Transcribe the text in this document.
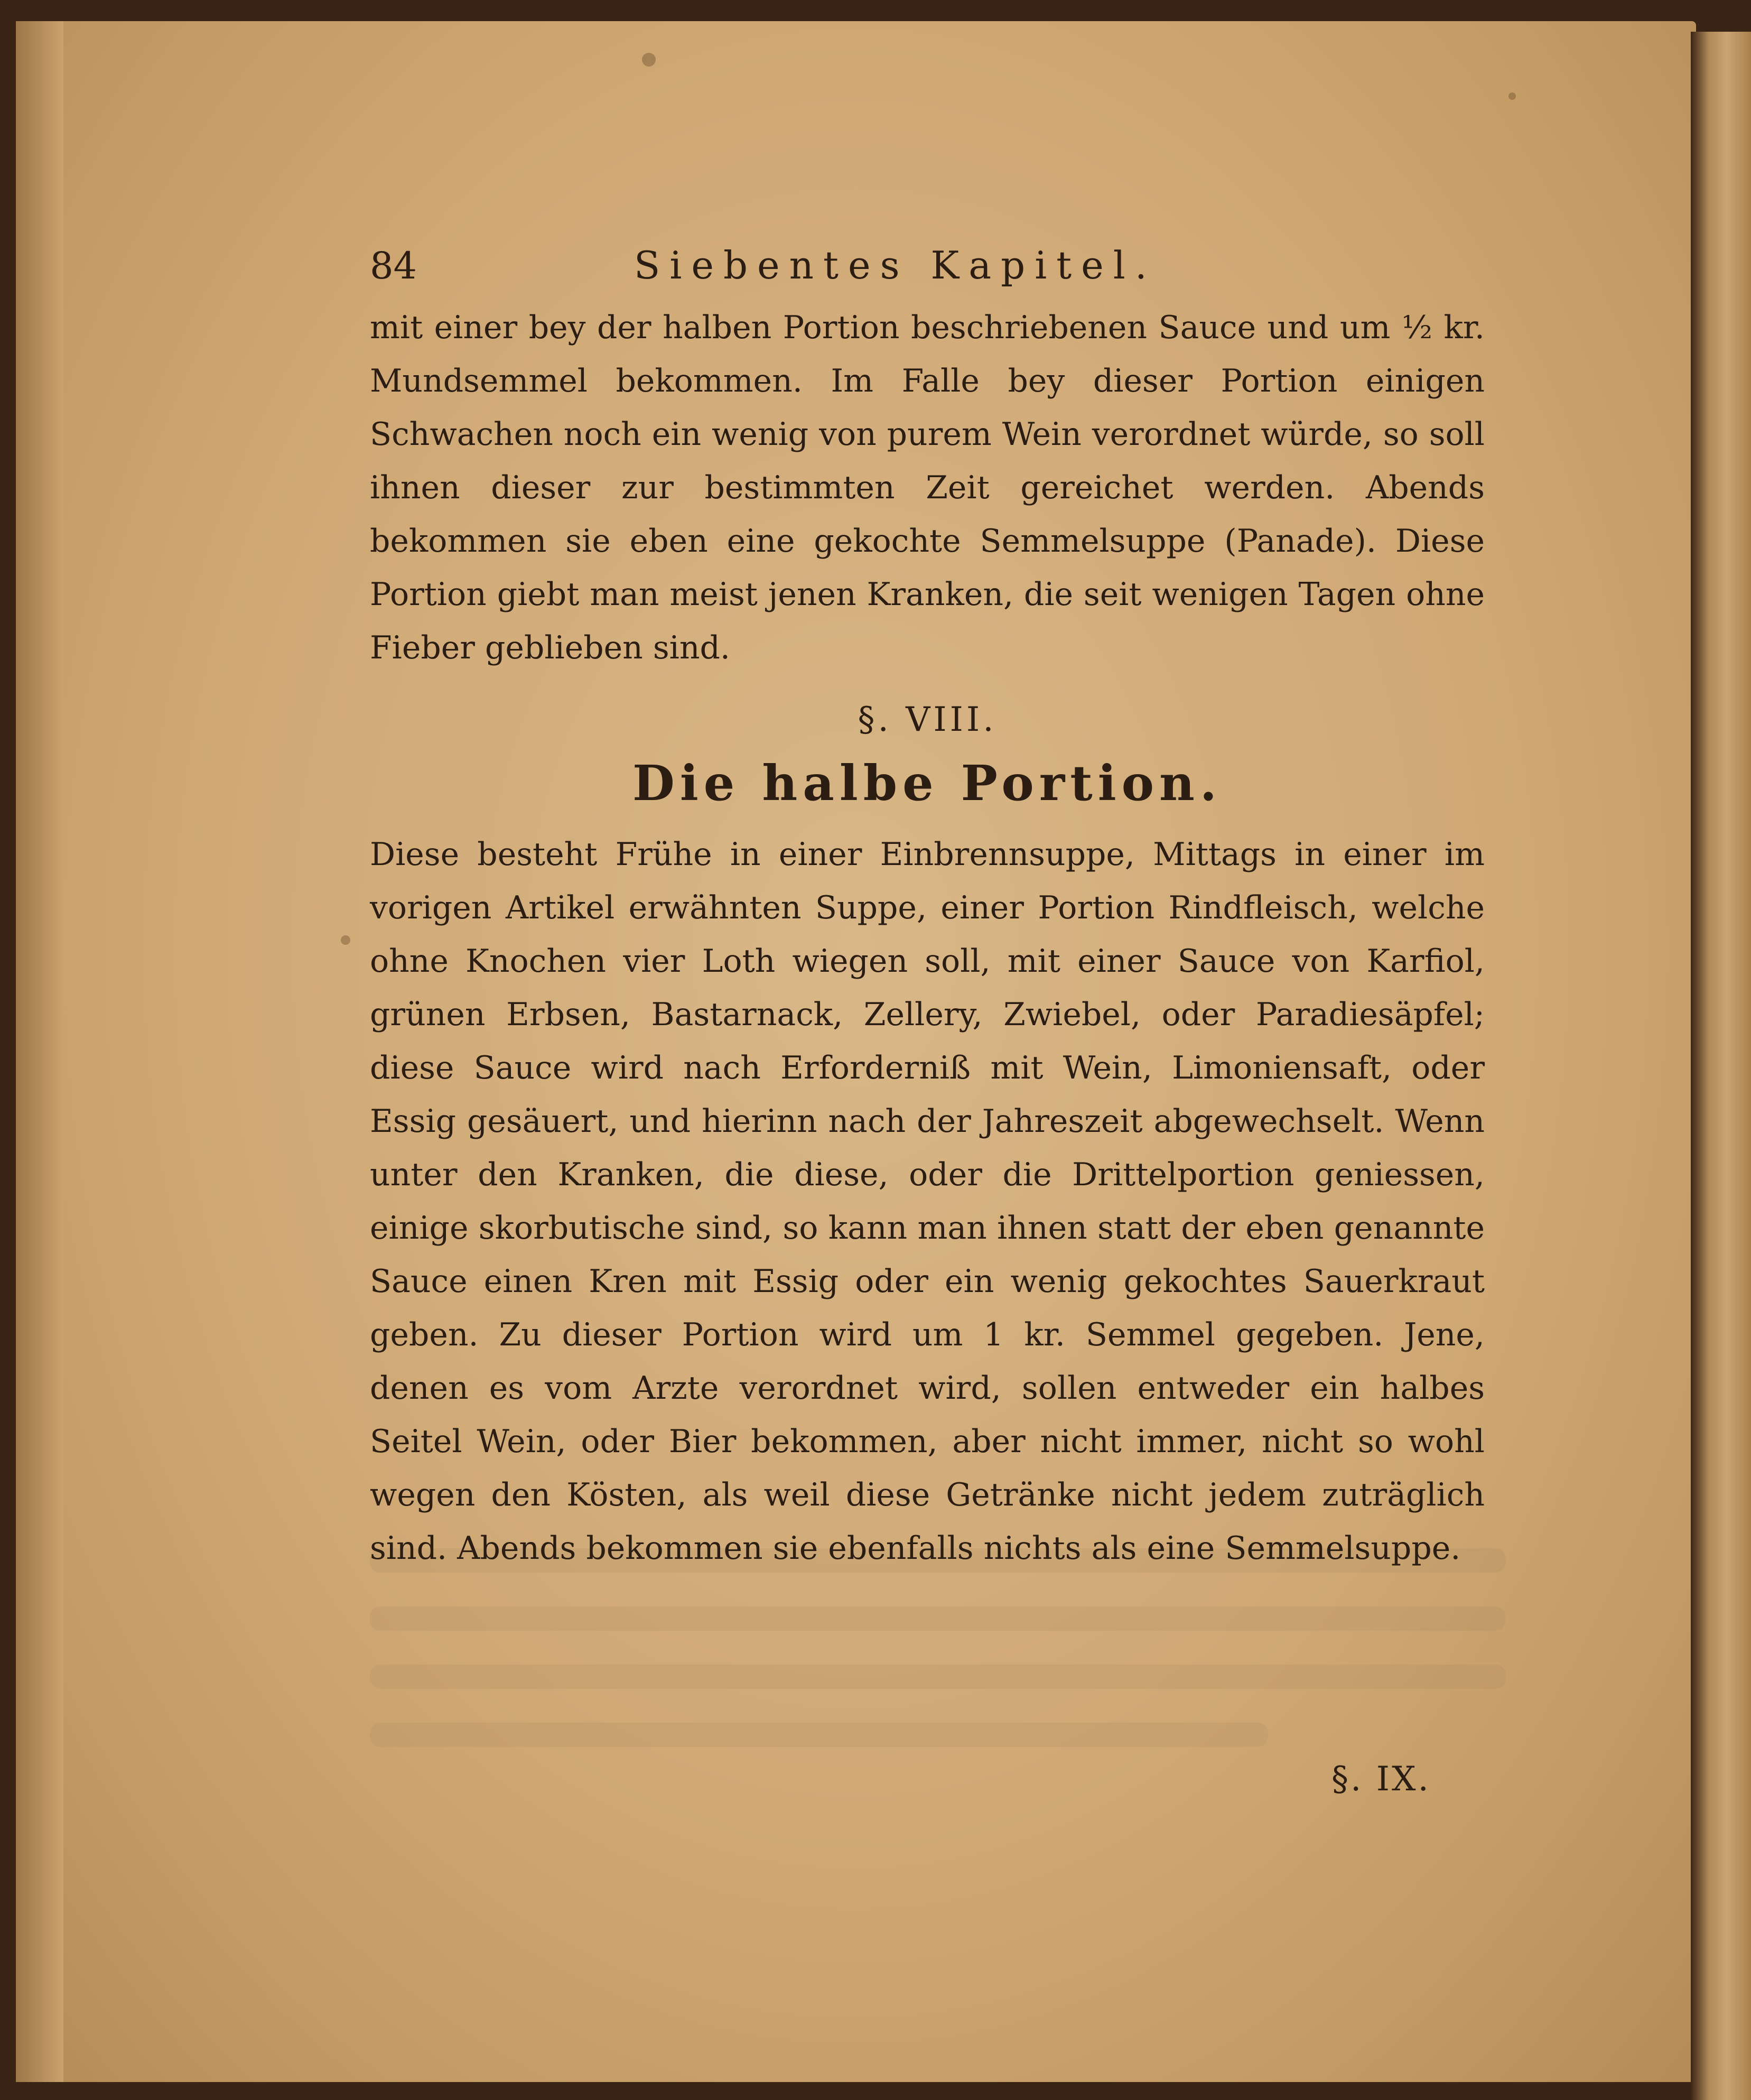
84	Siebentes Kapitel.

mit einer bey der halben Portion beschriebenen Sauce und um ½ kr. Mundsemmel bekommen. Im Falle bey dieser Portion einigen Schwachen noch ein wenig von purem Wein verordnet würde, so soll ihnen dieser zur bestimmten Zeit gereichet werden. Abends bekommen sie eben eine gekochte Semmelsuppe (Panade). Diese Portion giebt man meist jenen Kranken, die seit wenigen Tagen ohne Fieber geblieben sind.

§. VIII.
Die halbe Portion.

Diese besteht Frühe in einer Einbrennsuppe, Mittags in einer im vorigen Artikel erwähnten Suppe, einer Portion Rindfleisch, welche ohne Knochen vier Loth wiegen soll, mit einer Sauce von Karfiol, grünen Erbsen, Bastarnack, Zellery, Zwiebel, oder Paradiesäpfel; diese Sauce wird nach Erforderniß mit Wein, Limoniensaft, oder Essig gesäuert, und hierinn nach der Jahreszeit abgewechselt. Wenn unter den Kranken, die diese, oder die Drittelportion geniessen, einige skorbutische sind, so kann man ihnen statt der eben genannte Sauce einen Kren mit Essig oder ein wenig gekochtes Sauerkraut geben. Zu dieser Portion wird um 1 kr. Semmel gegeben. Jene, denen es vom Arzte verordnet wird, sollen entweder ein halbes Seitel Wein, oder Bier bekommen, aber nicht immer, nicht so wohl wegen den Kösten, als weil diese Getränke nicht jedem zuträglich sind. Abends bekommen sie ebenfalls nichts als eine Semmelsuppe.

§. IX.
